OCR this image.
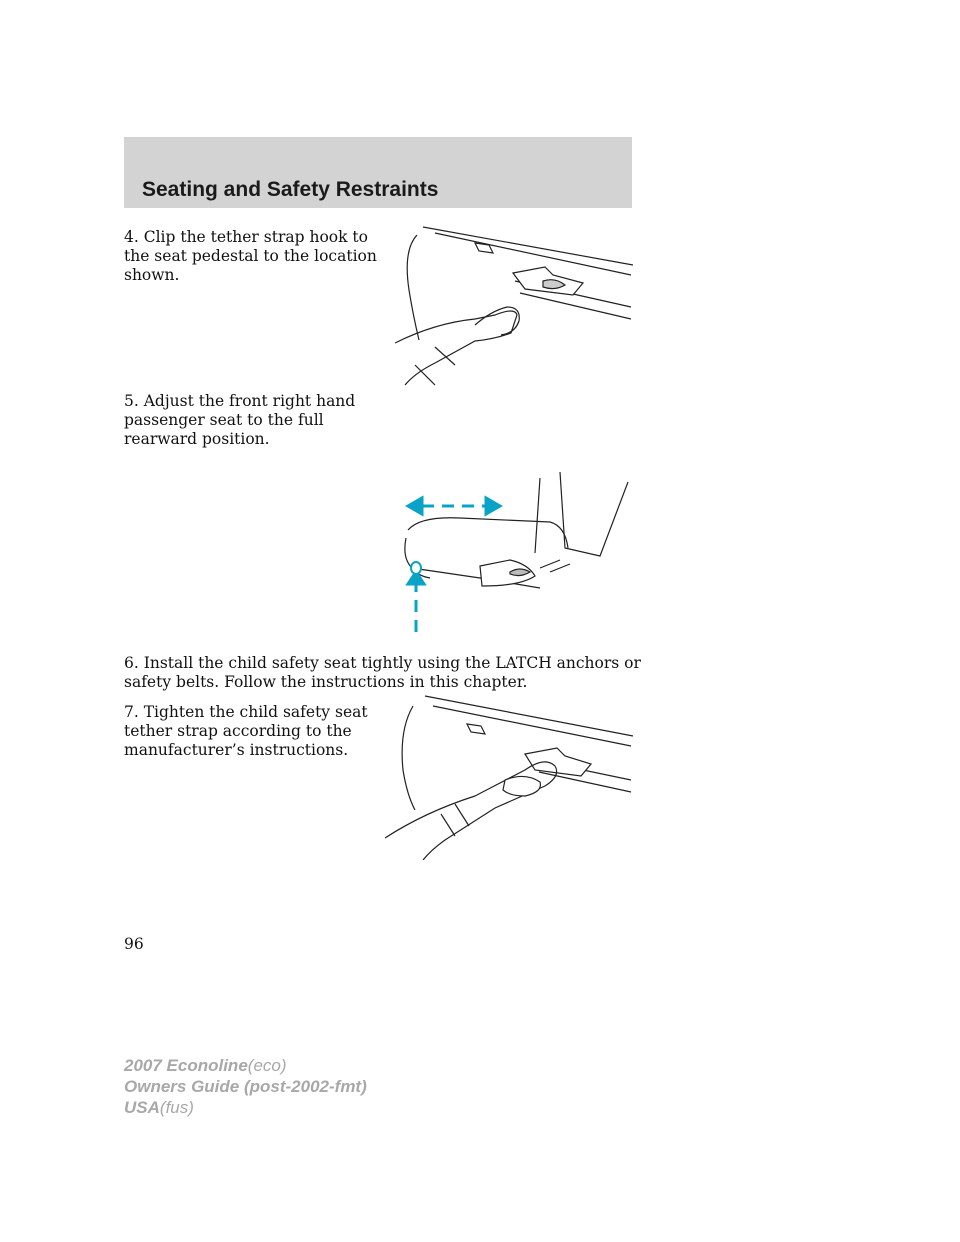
Seating and Safety Restraints

4. Clip the tether strap hook to the seat pedestal to the location shown.

5. Adjust the front right hand passenger seat to the full rearward position.

6. Install the child safety seat tightly using the LATCH anchors or safety belts. Follow the instructions in this chapter.

7. Tighten the child safety seat tether strap according to the manufacturer’s instructions.

96
2007 Econoline(eco)
Owners Guide (post-2002-fmt)
USA(fus)
